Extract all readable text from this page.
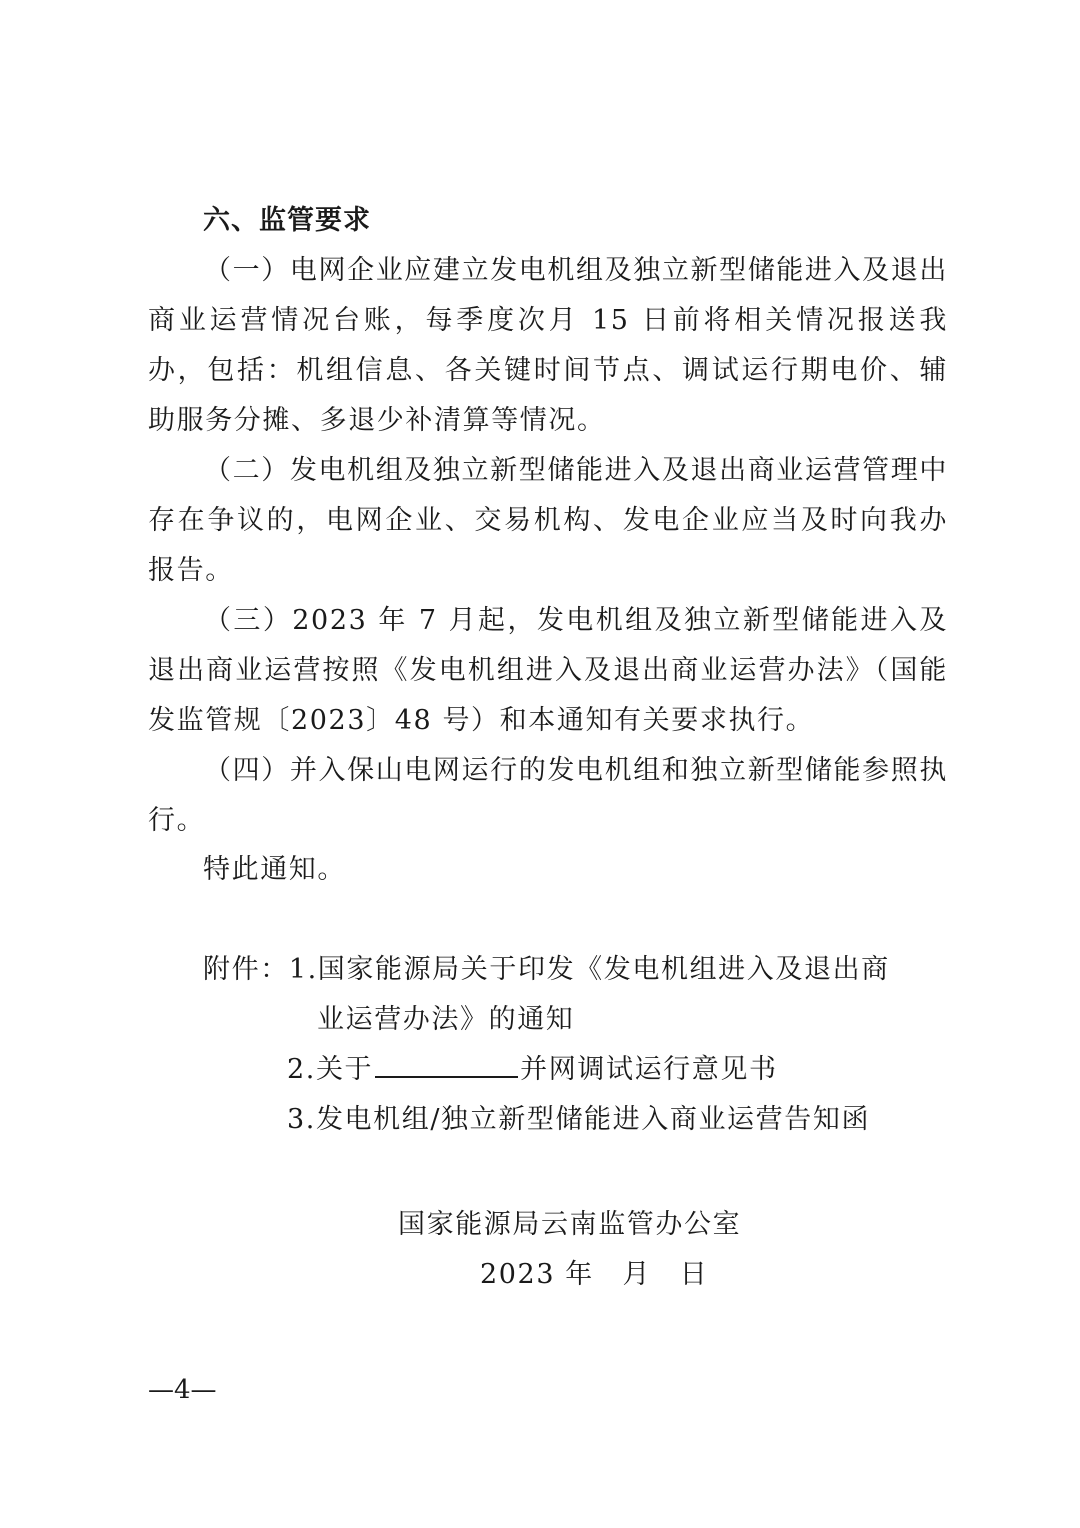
六、监管要求

（一）电网企业应建立发电机组及独立新型储能进入及退出商业运营情况台账，每季度次月 15 日前将相关情况报送我办，包括：机组信息、各关键时间节点、调试运行期电价、辅助服务分摊、多退少补清算等情况。

（二）发电机组及独立新型储能进入及退出商业运营管理中存在争议的，电网企业、交易机构、发电企业应当及时向我办报告。

（三）2023 年 7 月起，发电机组及独立新型储能进入及退出商业运营按照《发电机组进入及退出商业运营办法》（国能发监管规〔2023〕48 号）和本通知有关要求执行。

（四）并入保山电网运行的发电机组和独立新型储能参照执行。

特此通知。
附件：1.国家能源局关于印发《发电机组进入及退出商
业运营办法》的通知
2.关于	并网调试运行意见书
3.发电机组/独立新型储能进入商业运营告知函
国家能源局云南监管办公室
2023 年　月　日
—4—
